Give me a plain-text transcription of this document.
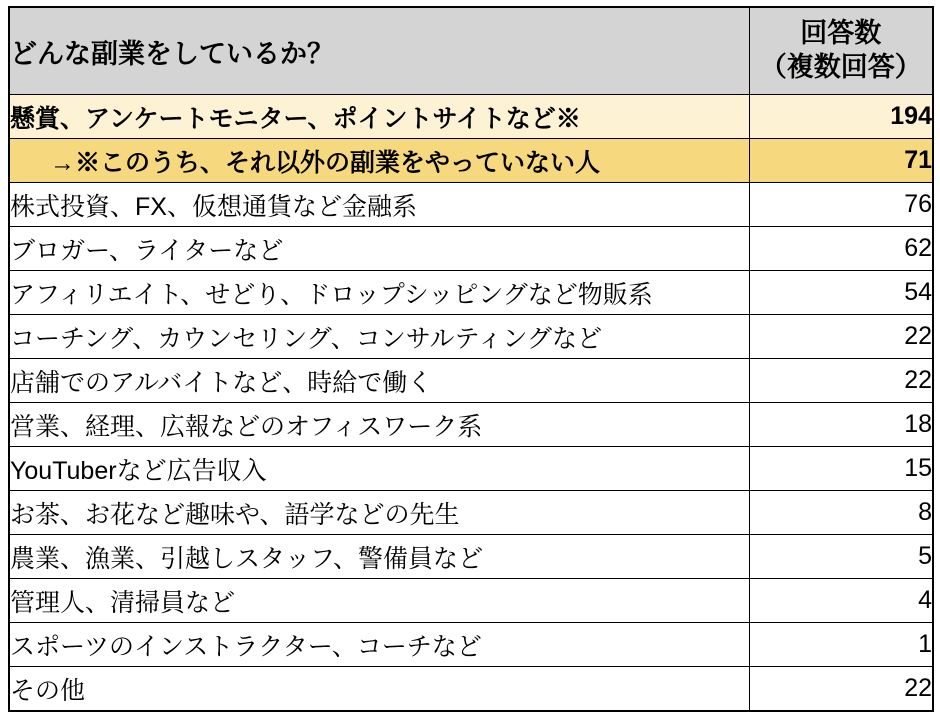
どんな副業をしているか？	回答数
（複数回答）

懸賞、アンケートモニター、ポイントサイトなど※	194
→※このうち、それ以外の副業をやっていない人	71
株式投資、FX、仮想通貨など金融系	76
ブロガー、ライターなど	62
アフィリエイト、せどり、ドロップシッピングなど物販系	54
コーチング、カウンセリング、コンサルティングなど	22
店舗でのアルバイトなど、時給で働く	22
営業、経理、広報などのオフィスワーク系	18
YouTuberなど広告収入	15
お茶、お花など趣味や、語学などの先生	8
農業、漁業、引越しスタッフ、警備員など	5
管理人、清掃員など	4
スポーツのインストラクター、コーチなど	1
その他	22
